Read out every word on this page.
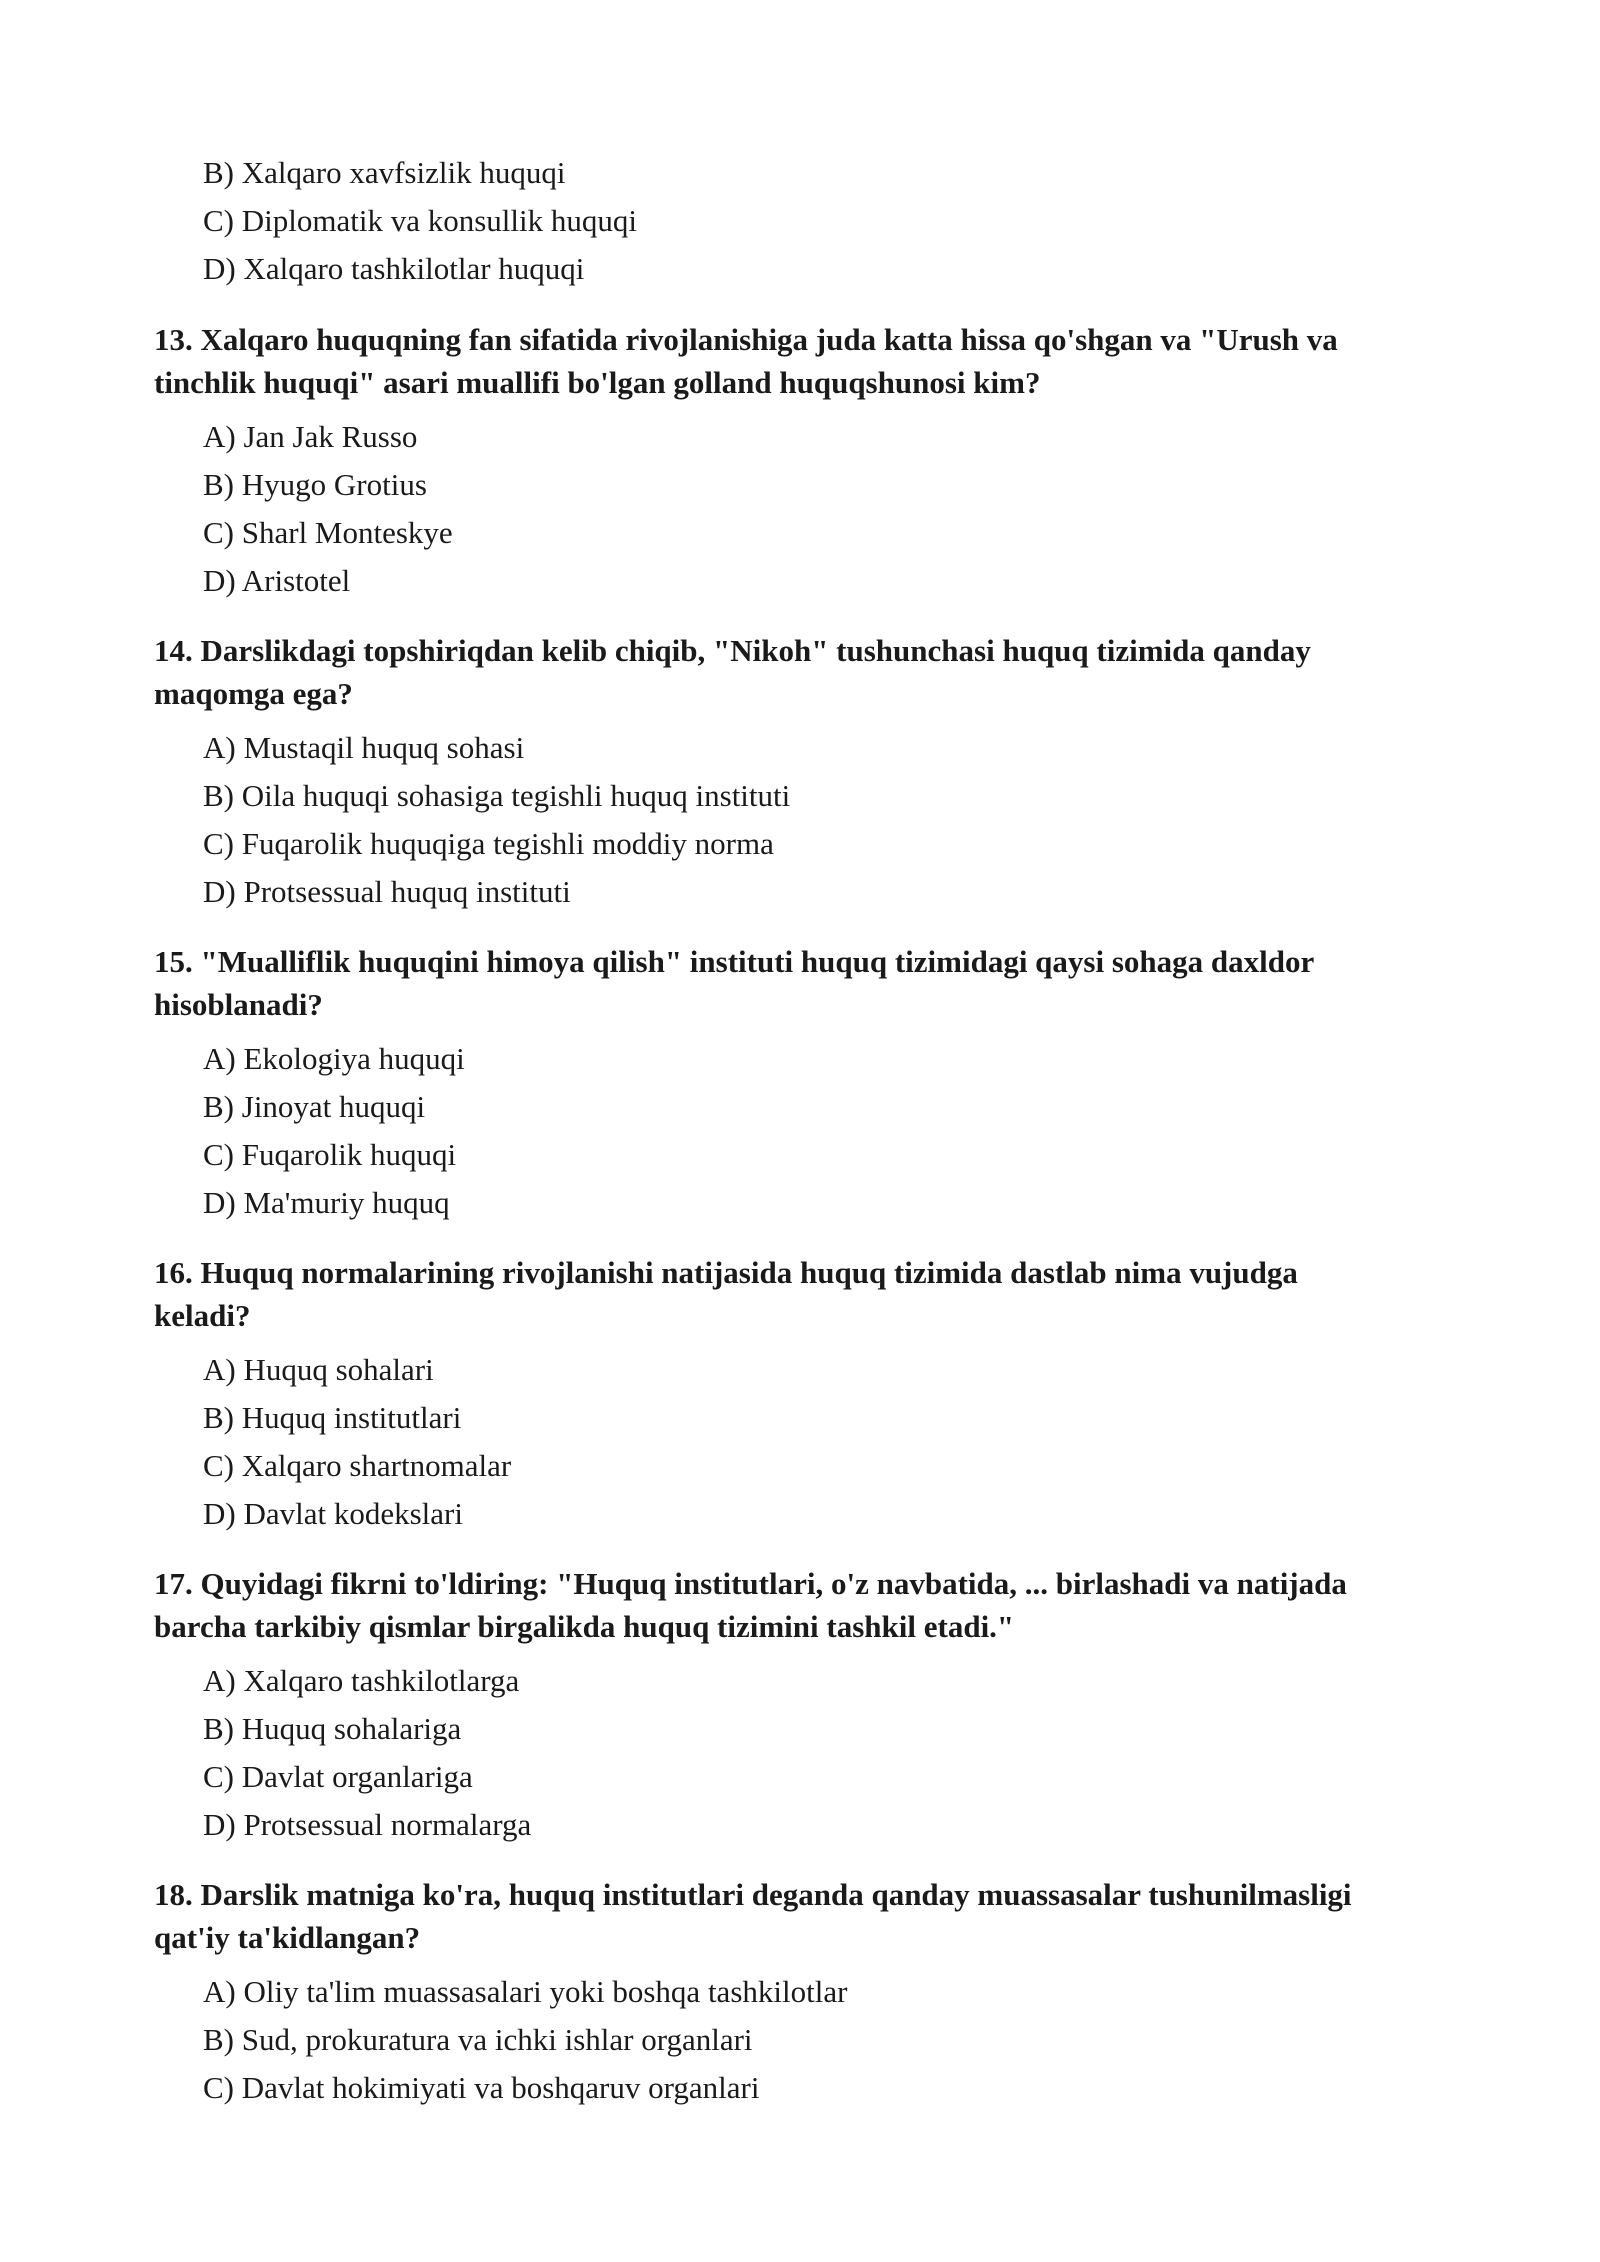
B) Xalqaro xavfsizlik huquqi

C) Diplomatik va konsullik huquqi

D) Xalqaro tashkilotlar huquqi

13. Xalqaro huquqning fan sifatida rivojlanishiga juda katta hissa qo'shgan va "Urush va
tinchlik huquqi" asari muallifi bo'lgan golland huquqshunosi kim?

A) Jan Jak Russo

B) Hyugo Grotius

C) Sharl Monteskye

D) Aristotel

14. Darslikdagi topshiriqdan kelib chiqib, "Nikoh" tushunchasi huquq tizimida qanday
maqomga ega?

A) Mustaqil huquq sohasi

B) Oila huquqi sohasiga tegishli huquq instituti

C) Fuqarolik huquqiga tegishli moddiy norma

D) Protsessual huquq instituti

15. "Mualliflik huquqini himoya qilish" instituti huquq tizimidagi qaysi sohaga daxldor
hisoblanadi?

A) Ekologiya huquqi

B) Jinoyat huquqi

C) Fuqarolik huquqi

D) Ma'muriy huquq

16. Huquq normalarining rivojlanishi natijasida huquq tizimida dastlab nima vujudga
keladi?

A) Huquq sohalari

B) Huquq institutlari

C) Xalqaro shartnomalar

D) Davlat kodekslari

17. Quyidagi fikrni to'ldiring: "Huquq institutlari, o'z navbatida, ... birlashadi va natijada
barcha tarkibiy qismlar birgalikda huquq tizimini tashkil etadi."

A) Xalqaro tashkilotlarga

B) Huquq sohalariga

C) Davlat organlariga

D) Protsessual normalarga

18. Darslik matniga ko'ra, huquq institutlari deganda qanday muassasalar tushunilmasligi
qat'iy ta'kidlangan?

A) Oliy ta'lim muassasalari yoki boshqa tashkilotlar

B) Sud, prokuratura va ichki ishlar organlari

C) Davlat hokimiyati va boshqaruv organlari
